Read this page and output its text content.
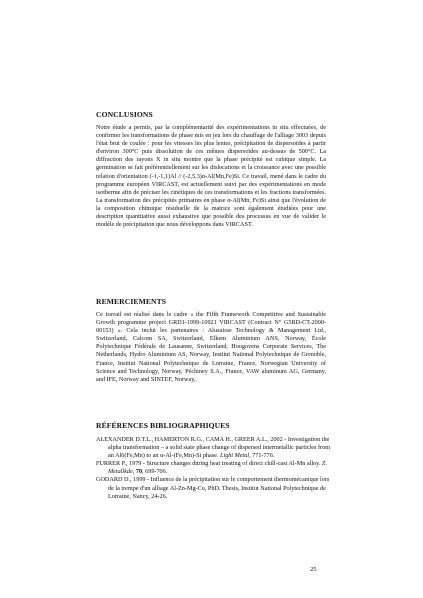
CONCLUSIONS

Notre étude a permis, par la complémentarité des expérimentations in situ effectuées, de confirmer les transformations de phase mis en jeu lors du chauffage de l'alliage 3003 depuis l'état brut de coulée : pour les vitesses les plus lentes, précipitation de dispersoïdes à partir d'environ 300°C puis dissolution de ces mêmes dispersoïdes au-dessus de 500°C. La diffraction des rayons X in situ montre que la phase précipité est cubique simple. La germination se fait préférentiellement sur les dislocations et la croissance avec une possible relation d'orientation (-1,-1,1)Al // (-2,5,3)α-Al(Mn,Fe)Si. Ce travail, mené dans le cadre du programme européen VIRCAST, est actuellement suivi par des expérimentations en mode isotherme afin de préciser les cinétiques de ces transformations et les fractions transformées. La transformation des précipités primaires en phase α-Al(Mn, Fe)Si ainsi que l'évolution de la composition chimique résiduelle de la matrice sont également étudiées pour une description quantitative aussi exhaustive que possible des processus en vue de valider le modèle de précipitation que nous développons dans VIRCAST.

REMERCIEMENTS

Ce travail est réalisé dans le cadre « the Fifth Framework Competitive and Sustainable Growth programme project GRD1-1999-10921 VIRCAST (Contract N° G5RD-CT-2000-00153) ». Cela inclut les partenaires : Alusuisse Technology & Management Ltd., Switzerland, Calcom SA, Switzerland, Elkem Aluminium ANS, Norway, École Polytechnique Fédérale de Lausanne, Switzerland, Hoogovens Corporate Services, The Netherlands, Hydro Aluminium AS, Norway, Institut National Polytechnique de Grenoble, France, Institut National Polytechnique de Lorraine, France, Norwegian University of Science and Technology, Norway, Péchiney S.A., France, VAW aluminum AG, Germany, and IFE, Norway and SINTEF, Norway,.

RÉFÉRENCES BIBLIOGRAPHIQUES
ALEXANDER D.T.L., HAMERTON R.G., CAMA H., GREER A.L., 2002 - Investigation the alpha transformation – a solid state phase change of dispersed intermetallic particles from an Al6(Fe,Mn) to an α-Al-(Fe,Mn)-Si phase. Light Metal, 771-776.
FURRER P., 1979 - Structure changes during heat treating of direct chill-cast Al-Mn alloy. Z. Metallkde, 70, 699-706.
GODARD D., 1999 - Influence de la précipitation sur le comportement thermomécanique lors de la trempe d'un alliage Al-Zn-Mg-Cu, PhD. Thesis, Institut National Polytechnique de Lorraine, Nancy, 24-26.
25
